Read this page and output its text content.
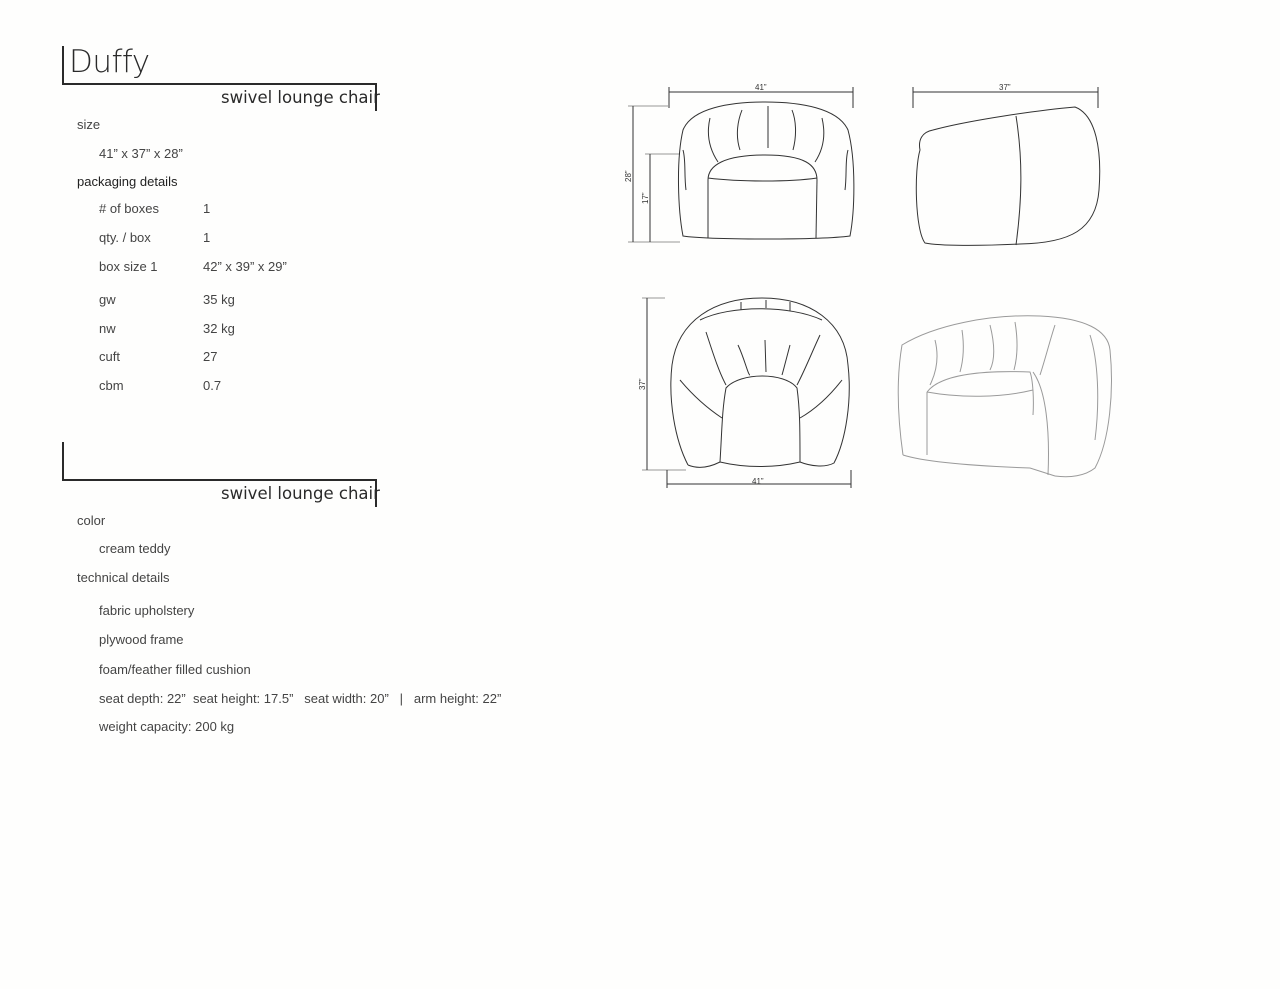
Duffy
swivel lounge chair
size
41” x 37” x 28”
packaging details
# of boxes	1
qty. / box	1
box size 1	42” x 39” x 29”
gw	35 kg
nw	32 kg
cuft	27
cbm	0.7
swivel lounge chair
color
cream teddy
technical details
fabric upholstery
plywood frame
foam/feather filled cushion
seat depth: 22”  seat height: 17.5”   seat width: 20”   |   arm height: 22”
weight capacity: 200 kg
41”	37”
28”
17”
37”
41”
